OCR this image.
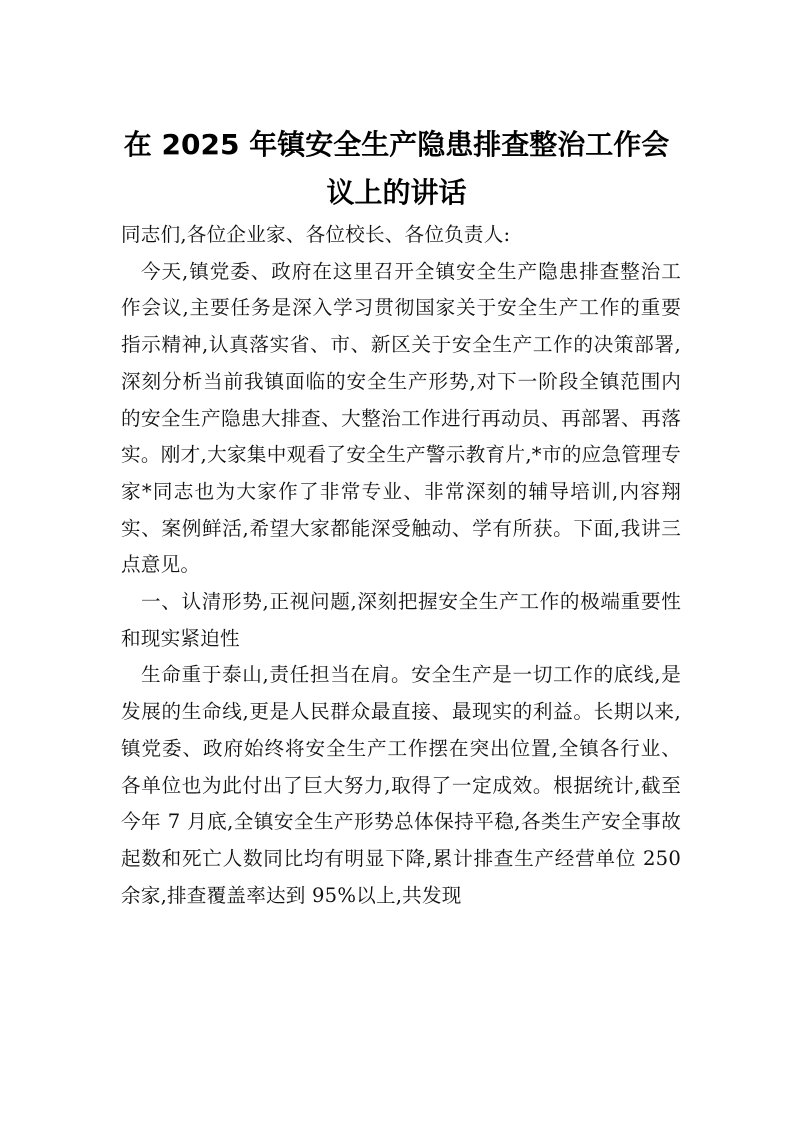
在 2025 年镇安全生产隐患排查整治工作会
议上的讲话

同志们,各位企业家、各位校长、各位负责人:

今天,镇党委、政府在这里召开全镇安全生产隐患排查整治工作会议,主要任务是深入学习贯彻国家关于安全生产工作的重要指示精神,认真落实省、市、新区关于安全生产工作的决策部署,深刻分析当前我镇面临的安全生产形势,对下一阶段全镇范围内的安全生产隐患大排查、大整治工作进行再动员、再部署、再落实。刚才,大家集中观看了安全生产警示教育片,*市的应急管理专家*同志也为大家作了非常专业、非常深刻的辅导培训,内容翔实、案例鲜活,希望大家都能深受触动、学有所获。下面,我讲三点意见。

一、认清形势,正视问题,深刻把握安全生产工作的极端重要性和现实紧迫性

生命重于泰山,责任担当在肩。安全生产是一切工作的底线,是发展的生命线,更是人民群众最直接、最现实的利益。长期以来,镇党委、政府始终将安全生产工作摆在突出位置,全镇各行业、各单位也为此付出了巨大努力,取得了一定成效。根据统计,截至今年 7 月底,全镇安全生产形势总体保持平稳,各类生产安全事故起数和死亡人数同比均有明显下降,累计排查生产经营单位 250 余家,排查覆盖率达到 95%以上,共发现
